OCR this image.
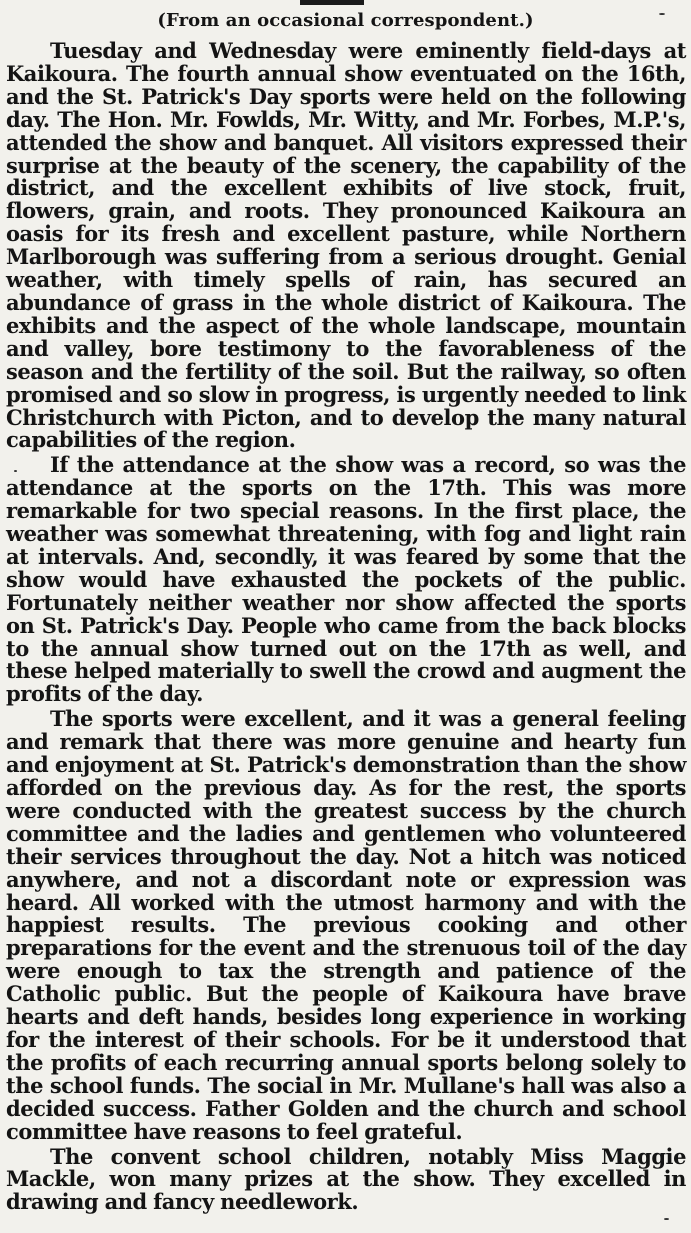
(From an occasional correspondent.)

Tuesday and Wednesday were eminently field-days at Kaikoura. The fourth annual show eventuated on the 16th, and the St. Patrick's Day sports were held on the following day. The Hon. Mr. Fowlds, Mr. Witty, and Mr. Forbes, M.P.'s, attended the show and banquet. All visitors expressed their surprise at the beauty of the scenery, the capability of the district, and the excellent exhibits of live stock, fruit, flowers, grain, and roots. They pronounced Kaikoura an oasis for its fresh and excellent pasture, while Northern Marlborough was suffering from a serious drought. Genial weather, with timely spells of rain, has secured an abundance of grass in the whole district of Kaikoura. The exhibits and the aspect of the whole landscape, mountain and valley, bore testimony to the favorableness of the season and the fertility of the soil. But the railway, so often promised and so slow in progress, is urgently needed to link Christchurch with Picton, and to develop the many natural capabilities of the region.

If the attendance at the show was a record, so was the attendance at the sports on the 17th. This was more remarkable for two special reasons. In the first place, the weather was somewhat threatening, with fog and light rain at intervals. And, secondly, it was feared by some that the show would have exhausted the pockets of the public. Fortunately neither weather nor show affected the sports on St. Patrick's Day. People who came from the back blocks to the annual show turned out on the 17th as well, and these helped materially to swell the crowd and augment the profits of the day.

The sports were excellent, and it was a general feeling and remark that there was more genuine and hearty fun and enjoyment at St. Patrick's demonstration than the show afforded on the previous day. As for the rest, the sports were conducted with the greatest success by the church committee and the ladies and gentlemen who volunteered their services throughout the day. Not a hitch was noticed anywhere, and not a discordant note or expression was heard. All worked with the utmost harmony and with the happiest results. The previous cooking and other preparations for the event and the strenuous toil of the day were enough to tax the strength and patience of the Catholic public. But the people of Kaikoura have brave hearts and deft hands, besides long experience in working for the interest of their schools. For be it understood that the profits of each recurring annual sports belong solely to the school funds. The social in Mr. Mullane's hall was also a decided success. Father Golden and the church and school committee have reasons to feel grateful.

The convent school children, notably Miss Maggie Mackle, won many prizes at the show. They excelled in drawing and fancy needlework.
